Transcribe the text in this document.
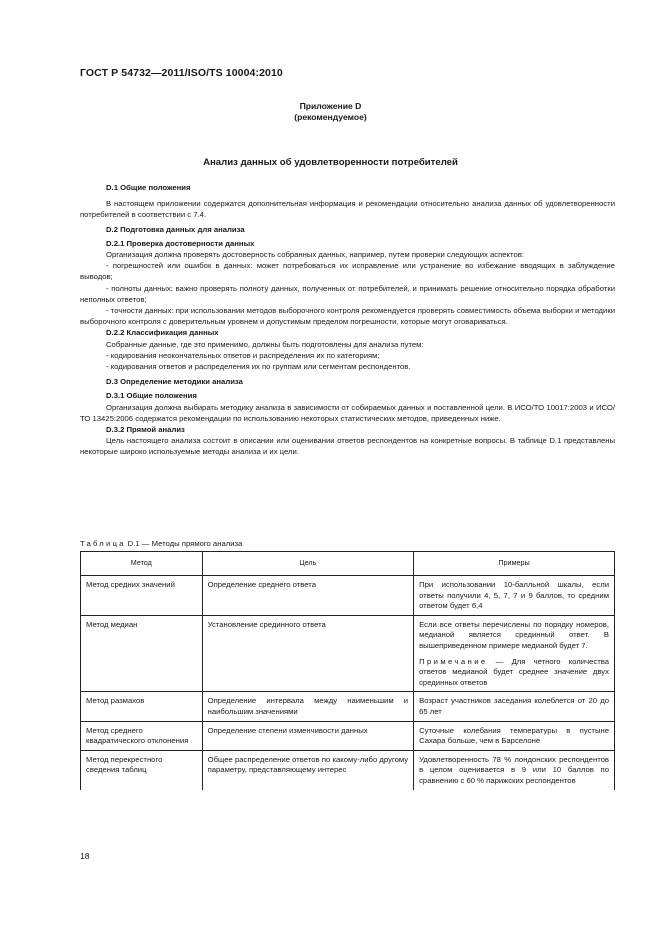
ГОСТ Р 54732—2011/ISO/TS 10004:2010
Приложение D
(рекомендуемое)
Анализ данных об удовлетворенности потребителей

D.1 Общие положения

В настоящем приложении содержатся дополнительная информация и рекомендации относительно анализа данных об удовлетворенности потребителей в соответствии с 7.4.

D.2 Подготовка данных для анализа

D.2.1 Проверка достоверности данных

Организация должна проверять достоверность собранных данных, например, путем проверки следующих аспектов:

- погрешностей или ошибок в данных: может потребоваться их исправление или устранение во избежание вводящих в заблуждение выводов;

- полноты данных: важно проверять полноту данных, полученных от потребителей, и принимать решение относительно порядка обработки неполных ответов;

- точности данных: при использовании методов выборочного контроля рекомендуется проверять совместимость объема выборки и методики выборочного контроля с доверительным уровнем и допустимым пределом погрешности, которые могут оговариваться.

D.2.2 Классификация данных

Собранные данные, где это применимо, должны быть подготовлены для анализа путем:

- кодирования неокончательных ответов и распределения их по категориям;

- кодирования ответов и распределения их по группам или сегментам респондентов.

D.3 Определение методики анализа

D.3.1 Общие положения

Организация должна выбирать методику анализа в зависимости от собираемых данных и поставленной цели. В ИСО/ТО 10017:2003 и ИСО/ТО 13425:2006 содержатся рекомендации по использованию некоторых статистических методов, приведенных ниже.

D.3.2 Прямой анализ

Цель настоящего анализа состоит в описании или оценивании ответов респондентов на конкретные вопросы. В таблице D.1 представлены некоторые широко используемые методы анализа и их цели.

Таблица D.1 — Методы прямого анализа
Метод	Цель	Примеры
Метод средних значений	Определение среднего ответа	При использовании 10-балльной шкалы, если ответы получили 4, 5, 7, 7 и 9 баллов, то средним ответом будет 6,4
Метод медиан	Установление срединного ответа	Если все ответы перечислены по порядку номеров, медианой является срединный ответ. В вышеприведенном примере медианой будет 7.
Примечание — Для четного количества ответов медианой будет среднее значение двух срединных ответов

Метод размахов	Определение интервала между наименьшим и наибольшим значениями	Возраст участников заседания колеблется от 20 до 65 лет
Метод среднего квадратического отклонения	Определение степени изменчивости данных	Суточные колебания температуры в пустыне Сахара больше, чем в Барселоне
Метод перекрестного сведения таблиц	Общее распределение ответов по какому-либо другому параметру, представляющему интерес	Удовлетворенность 78 % лондонских респондентов в целом оценивается в 9 или 10 баллов по сравнению с 60 % парижских респондентов
18
